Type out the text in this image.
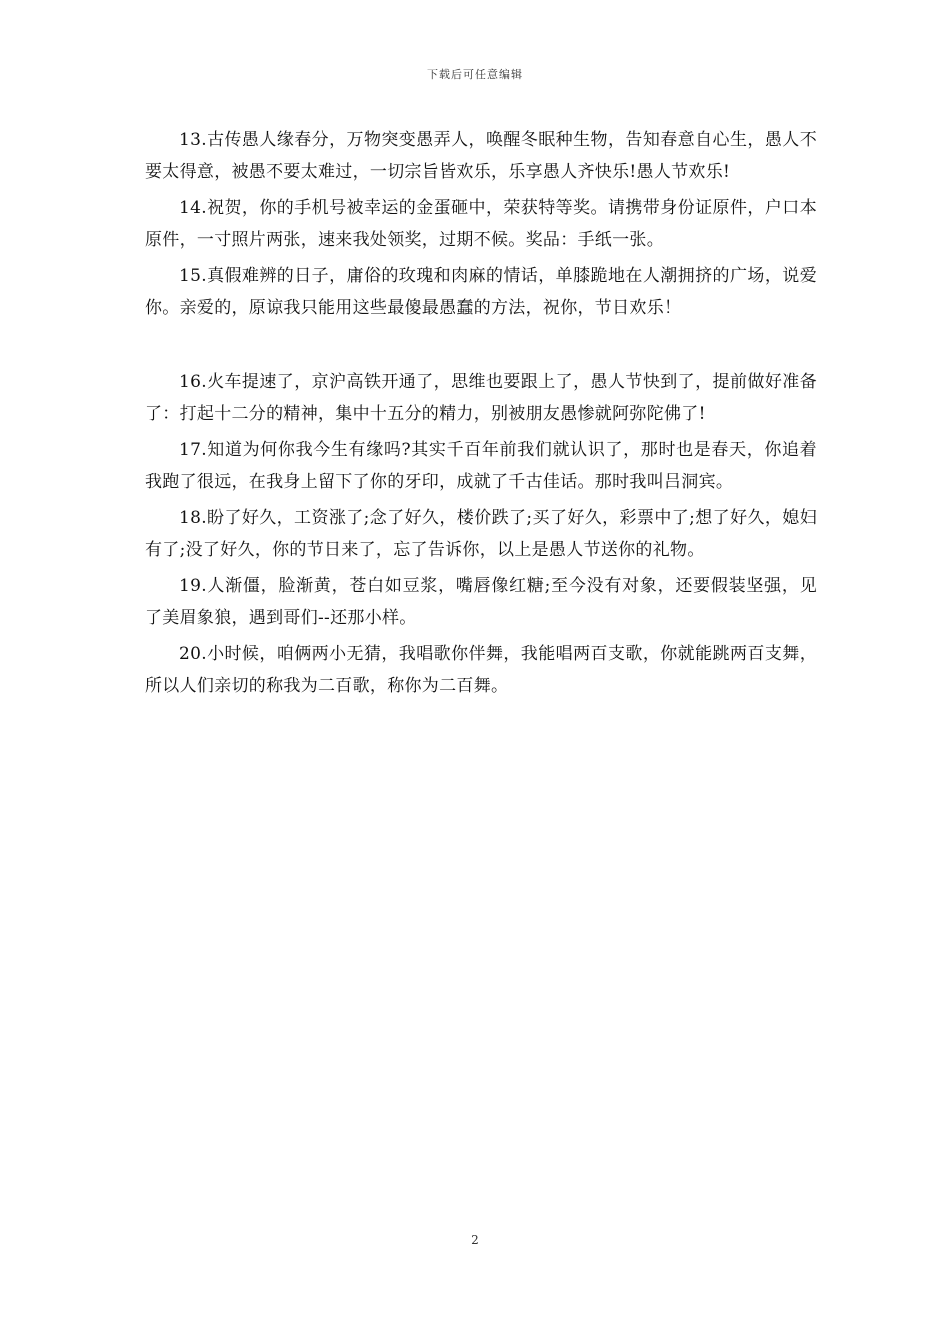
下载后可任意编辑

13.古传愚人缘春分，万物突变愚弄人，唤醒冬眠种生物，告知春意自心生，愚人不要太得意，被愚不要太难过，一切宗旨皆欢乐，乐享愚人齐快乐!愚人节欢乐!

14.祝贺，你的手机号被幸运的金蛋砸中，荣获特等奖。请携带身份证原件，户口本原件，一寸照片两张，速来我处领奖，过期不候。奖品：手纸一张。

15.真假难辨的日子，庸俗的玫瑰和肉麻的情话，单膝跪地在人潮拥挤的广场，说爱你。亲爱的，原谅我只能用这些最傻最愚蠢的方法，祝你，节日欢乐！

16.火车提速了，京沪高铁开通了，思维也要跟上了，愚人节快到了，提前做好准备了：打起十二分的精神，集中十五分的精力，别被朋友愚惨就阿弥陀佛了!

17.知道为何你我今生有缘吗?其实千百年前我们就认识了，那时也是春天，你追着我跑了很远，在我身上留下了你的牙印，成就了千古佳话。那时我叫吕洞宾。

18.盼了好久，工资涨了;念了好久，楼价跌了;买了好久，彩票中了;想了好久，媳妇有了;没了好久，你的节日来了，忘了告诉你，以上是愚人节送你的礼物。

19.人渐僵，脸渐黄，苍白如豆浆，嘴唇像红糖;至今没有对象，还要假装坚强，见了美眉象狼，遇到哥们--还那小样。

20.小时候，咱俩两小无猜，我唱歌你伴舞，我能唱两百支歌，你就能跳两百支舞，所以人们亲切的称我为二百歌，称你为二百舞。

2
